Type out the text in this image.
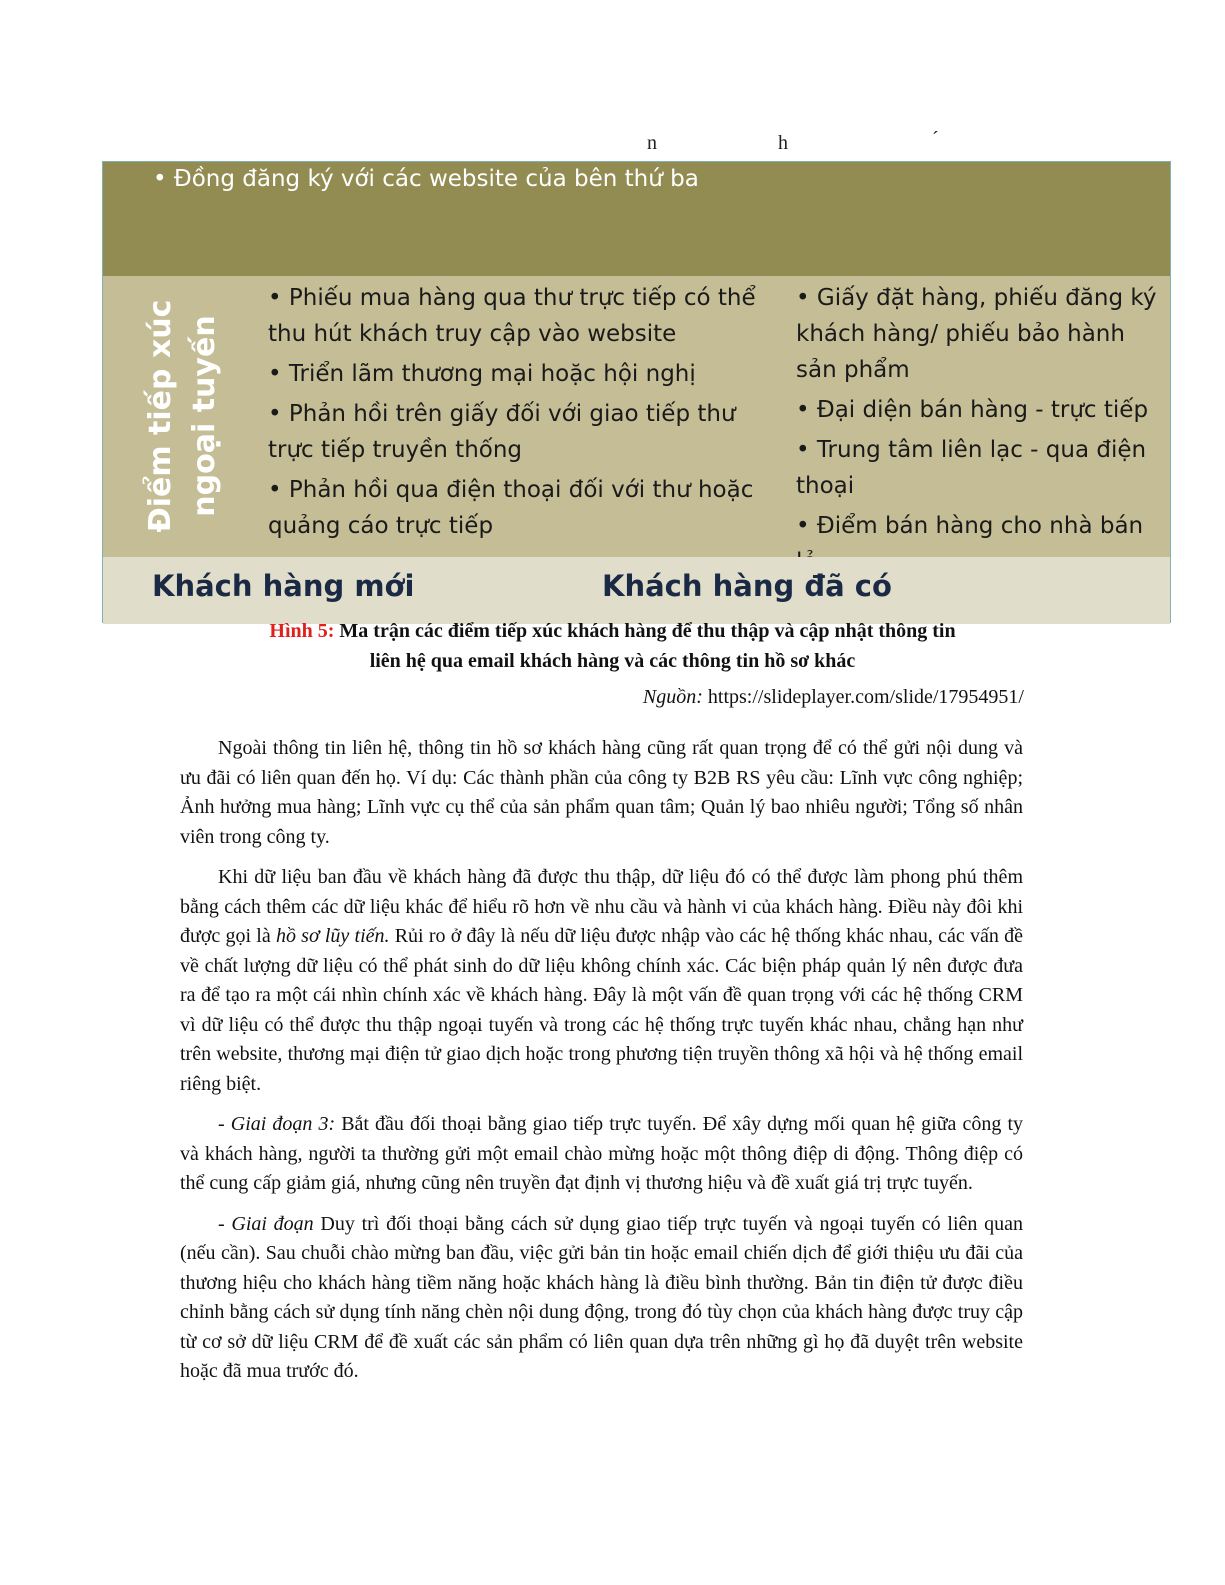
n	h	´
• Đồng đăng ký với các website của bên thứ ba
Điểm tiếp xúc ngoại tuyến

• Phiếu mua hàng qua thư trực tiếp có thể thu hút khách truy cập vào website

• Triển lãm thương mại hoặc hội nghị

• Phản hồi trên giấy đối với giao tiếp thư trực tiếp truyền thống

• Phản hồi qua điện thoại đối với thư hoặc quảng cáo trực tiếp

• Giấy đặt hàng, phiếu đăng ký khách hàng/ phiếu bảo hành sản phẩm

• Đại diện bán hàng - trực tiếp

• Trung tâm liên lạc - qua điện thoại

• Điểm bán hàng cho nhà bán

Khách hàng mới	Khách hàng đã có
Hình 5: Ma trận các điểm tiếp xúc khách hàng để thu thập và cập nhật thông tin
liên hệ qua email khách hàng và các thông tin hồ sơ khác
Nguồn: https://slideplayer.com/slide/17954951/

Ngoài thông tin liên hệ, thông tin hồ sơ khách hàng cũng rất quan trọng để có thể gửi nội dung và ưu đãi có liên quan đến họ. Ví dụ: Các thành phần của công ty B2B RS yêu cầu: Lĩnh vực công nghiệp; Ảnh hưởng mua hàng; Lĩnh vực cụ thể của sản phẩm quan tâm; Quản lý bao nhiêu người; Tổng số nhân viên trong công ty.

Khi dữ liệu ban đầu về khách hàng đã được thu thập, dữ liệu đó có thể được làm phong phú thêm bằng cách thêm các dữ liệu khác để hiểu rõ hơn về nhu cầu và hành vi của khách hàng. Điều này đôi khi được gọi là hồ sơ lũy tiến. Rủi ro ở đây là nếu dữ liệu được nhập vào các hệ thống khác nhau, các vấn đề về chất lượng dữ liệu có thể phát sinh do dữ liệu không chính xác. Các biện pháp quản lý nên được đưa ra để tạo ra một cái nhìn chính xác về khách hàng. Đây là một vấn đề quan trọng với các hệ thống CRM vì dữ liệu có thể được thu thập ngoại tuyến và trong các hệ thống trực tuyến khác nhau, chẳng hạn như trên website, thương mại điện tử giao dịch hoặc trong phương tiện truyền thông xã hội và hệ thống email riêng biệt.

- Giai đoạn 3: Bắt đầu đối thoại bằng giao tiếp trực tuyến. Để xây dựng mối quan hệ giữa công ty và khách hàng, người ta thường gửi một email chào mừng hoặc một thông điệp di động. Thông điệp có thể cung cấp giảm giá, nhưng cũng nên truyền đạt định vị thương hiệu và đề xuất giá trị trực tuyến.

- Giai đoạn Duy trì đối thoại bằng cách sử dụng giao tiếp trực tuyến và ngoại tuyến có liên quan (nếu cần). Sau chuỗi chào mừng ban đầu, việc gửi bản tin hoặc email chiến dịch để giới thiệu ưu đãi của thương hiệu cho khách hàng tiềm năng hoặc khách hàng là điều bình thường. Bản tin điện tử được điều chỉnh bằng cách sử dụng tính năng chèn nội dung động, trong đó tùy chọn của khách hàng được truy cập từ cơ sở dữ liệu CRM để đề xuất các sản phẩm có liên quan dựa trên những gì họ đã duyệt trên website hoặc đã mua trước đó.
